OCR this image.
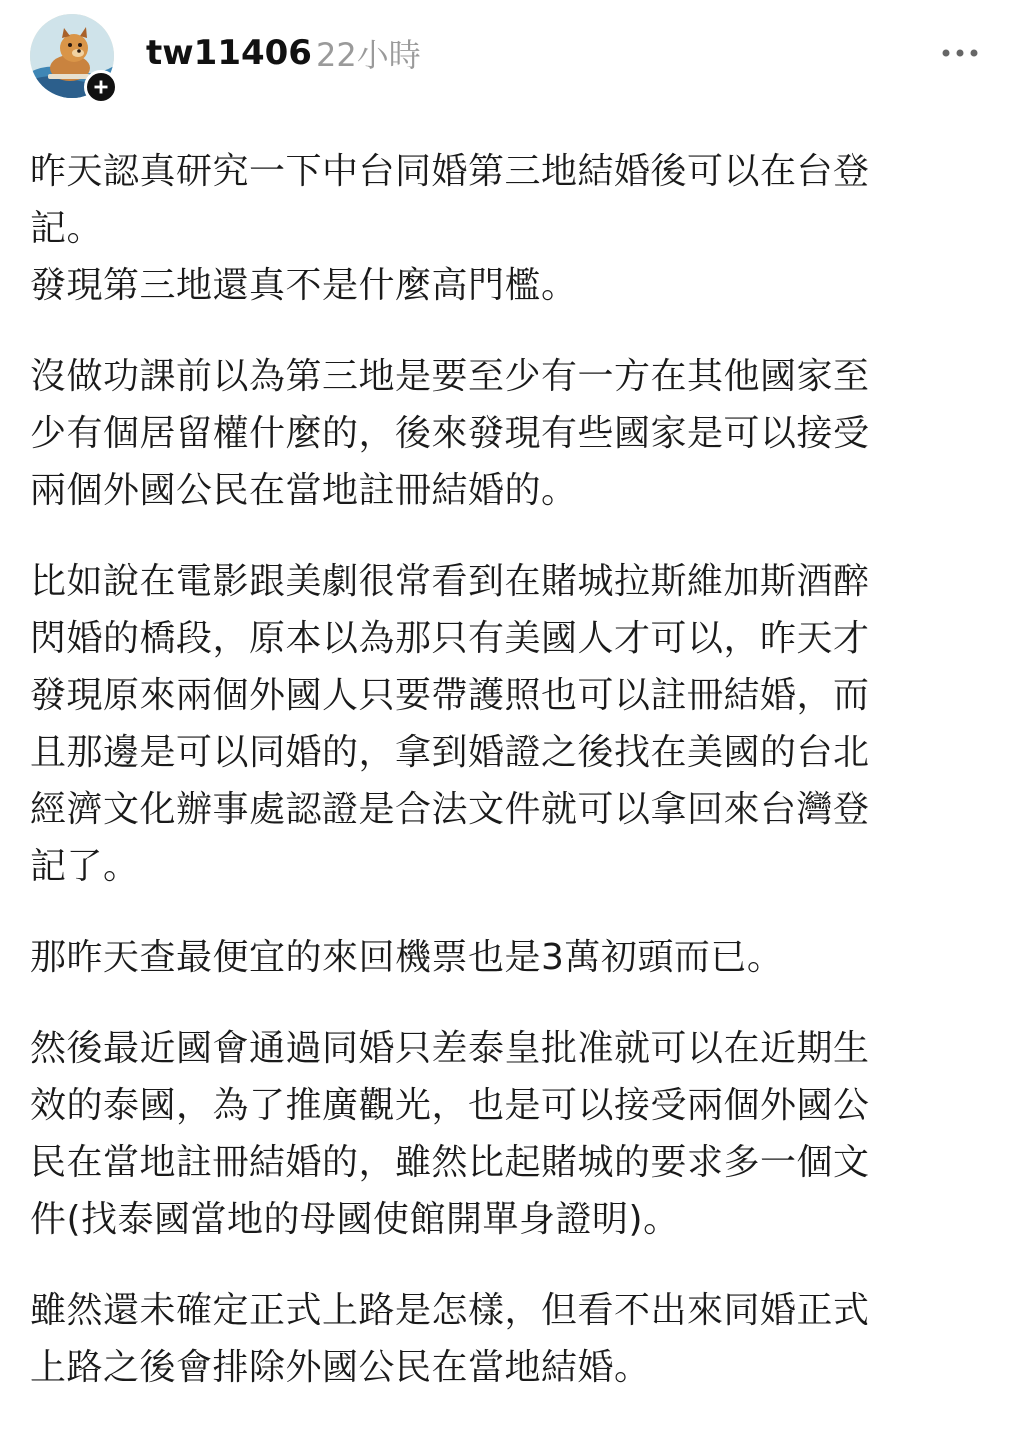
tw11406 22小時

昨天認真研究一下中台同婚第三地結婚後可以在台登
記。
發現第三地還真不是什麼高門檻。

沒做功課前以為第三地是要至少有一方在其他國家至
少有個居留權什麼的，後來發現有些國家是可以接受
兩個外國公民在當地註冊結婚的。

比如說在電影跟美劇很常看到在賭城拉斯維加斯酒醉
閃婚的橋段，原本以為那只有美國人才可以，昨天才
發現原來兩個外國人只要帶護照也可以註冊結婚，而
且那邊是可以同婚的，拿到婚證之後找在美國的台北
經濟文化辦事處認證是合法文件就可以拿回來台灣登
記了。

那昨天查最便宜的來回機票也是3萬初頭而已。

然後最近國會通過同婚只差泰皇批准就可以在近期生
效的泰國，為了推廣觀光，也是可以接受兩個外國公
民在當地註冊結婚的，雖然比起賭城的要求多一個文
件(找泰國當地的母國使館開單身證明)。

雖然還未確定正式上路是怎樣，但看不出來同婚正式
上路之後會排除外國公民在當地結婚。
